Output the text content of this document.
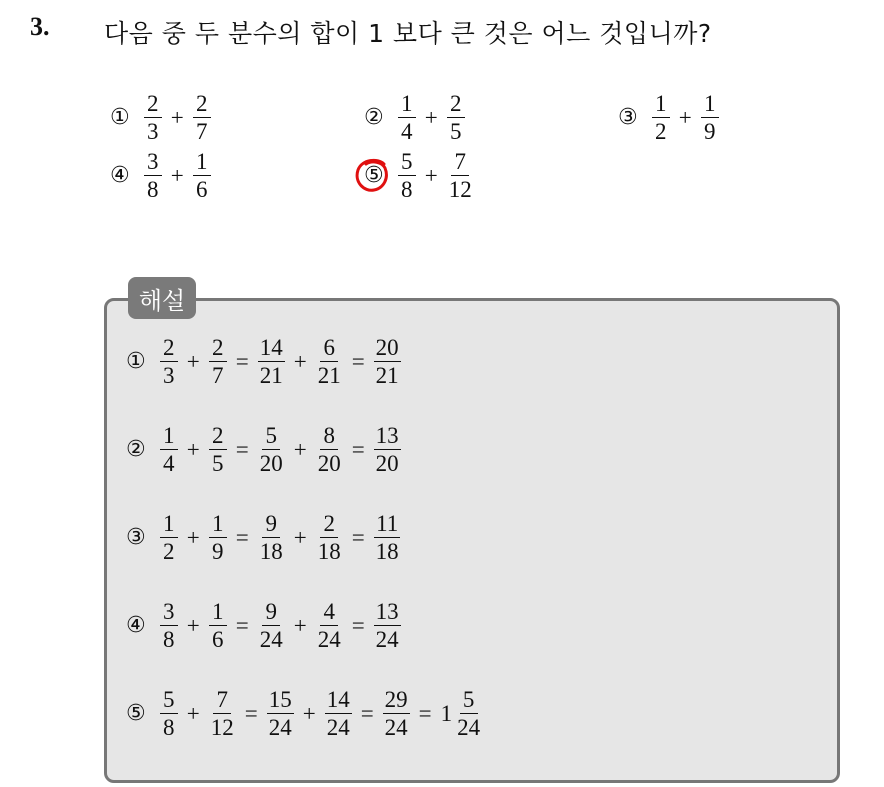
3. 다음 중 두 분수의 합이 1 보다 큰 것은 어느 것입니까?
① $\frac{2}{3} + \frac{2}{7}$	② $\frac{1}{4} + \frac{2}{5}$	③ $\frac{1}{2} + \frac{1}{9}$
④ $\frac{3}{8} + \frac{1}{6}$	⑤ $\frac{5}{8} + \frac{7}{12}$
해설
① $\frac{2}{3} + \frac{2}{7} = \frac{14}{21} + \frac{6}{21} = \frac{20}{21}$
② $\frac{1}{4} + \frac{2}{5} = \frac{5}{20} + \frac{8}{20} = \frac{13}{20}$
③ $\frac{1}{2} + \frac{1}{9} = \frac{9}{18} + \frac{2}{18} = \frac{11}{18}$
④ $\frac{3}{8} + \frac{1}{6} = \frac{9}{24} + \frac{4}{24} = \frac{13}{24}$
⑤ $\frac{5}{8} + \frac{7}{12} = \frac{15}{24} + \frac{14}{24} = \frac{29}{24} = 1 \frac{5}{24}$
